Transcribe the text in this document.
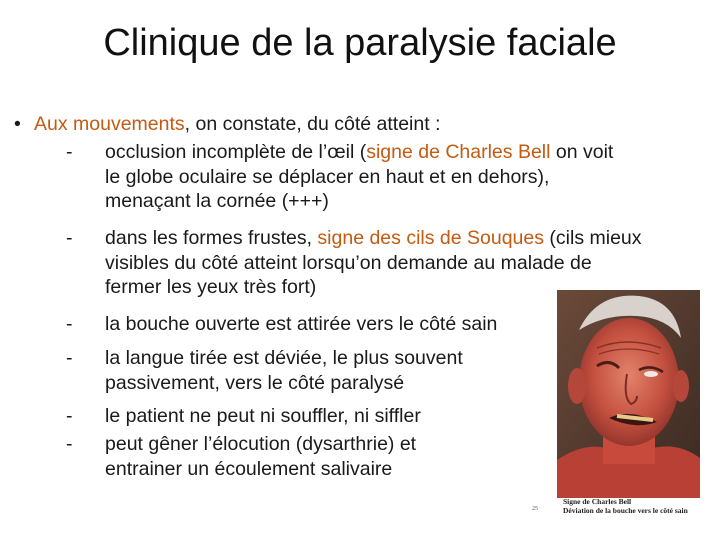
Clinique de la paralysie faciale
• Aux mouvements, on constate, du côté atteint :
-	occlusion incomplète de l’œil (signe de Charles Bell on voit
le globe oculaire se déplacer en haut et en dehors),
menaçant la cornée (+++)
-	dans les formes frustes, signe des cils de Souques (cils mieux
visibles du côté atteint lorsqu’on demande au malade de
fermer les yeux très fort)
-	la bouche ouverte est attirée vers le côté sain
-	la langue tirée est déviée, le plus souvent
passivement, vers le côté paralysé
-	le patient ne peut ni souffler, ni siffler
-	peut gêner l’élocution (dysarthrie) et
entrainer un écoulement salivaire
Signe de Charles Bell
Déviation de la bouche vers le côté sain
25
